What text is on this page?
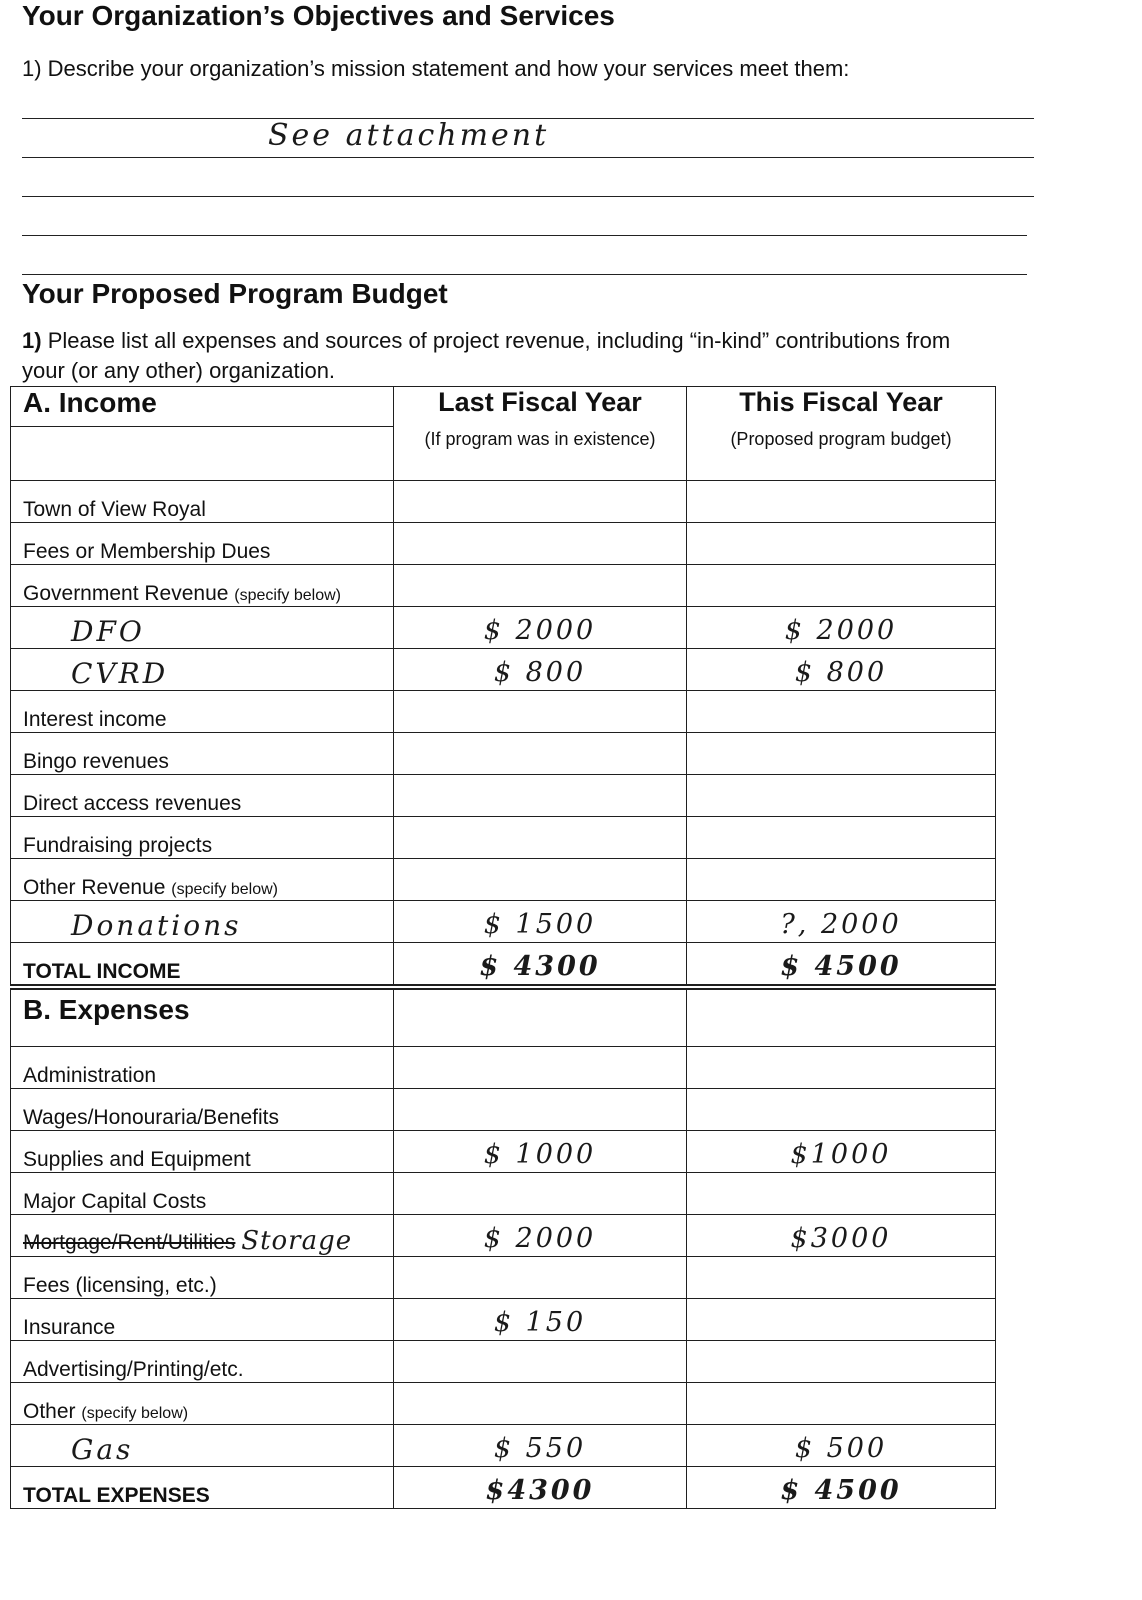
Your Organization’s Objectives and Services
1) Describe your organization’s mission statement and how your services meet them:
See attachment
Your Proposed Program Budget
1) Please list all expenses and sources of project revenue, including “in-kind” contributions from your (or any other) organization.
A. Income	Last Fiscal Year	This Fiscal Year
	(If program was in existence)	(Proposed program budget)
Town of View Royal		
Fees or Membership Dues		
Government Revenue (specify below)		
DFO	$ 2000	$ 2000
CVRD	$ 800	$ 800
Interest income		
Bingo revenues		
Direct access revenues		
Fundraising projects		
Other Revenue (specify below)		
Donations	$ 1500	?, 2000
TOTAL INCOME	$ 4300	$ 4500
B. Expenses		
Administration		
Wages/Honouraria/Benefits		
Supplies and Equipment	$ 1000	$1000
Major Capital Costs		
Mortgage/Rent/Utilities Storage	$ 2000	$3000
Fees (licensing, etc.)		
Insurance	$ 150	
Advertising/Printing/etc.		
Other (specify below)		
Gas	$ 550	$ 500
TOTAL EXPENSES	$4300	$ 4500
